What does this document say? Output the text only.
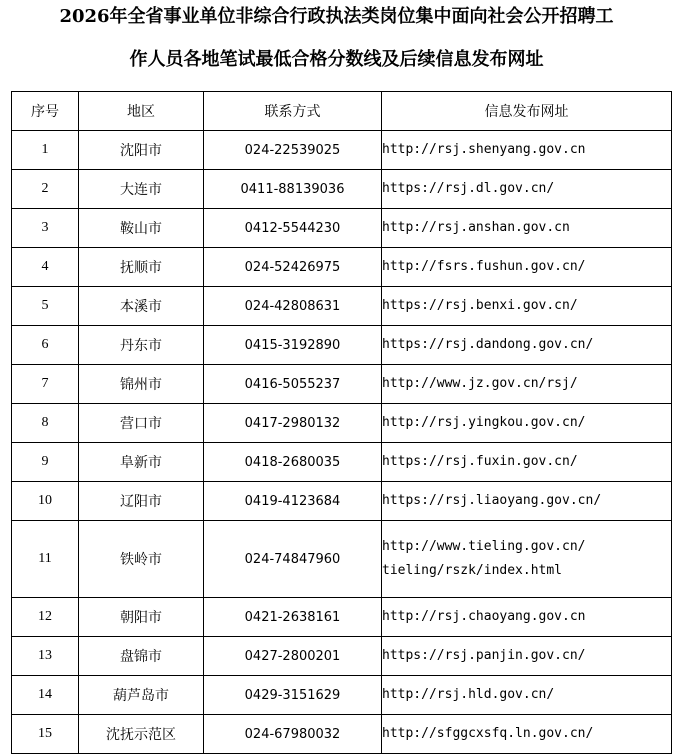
2026年全省事业单位非综合行政执法类岗位集中面向社会公开招聘工
作人员各地笔试最低合格分数线及后续信息发布网址
序号	地区	联系方式	信息发布网址
1	沈阳市	024-22539025	http://rsj.shenyang.gov.cn

2	大连市	0411-88139036	https://rsj.dl.gov.cn/

3	鞍山市	0412-5544230	http://rsj.anshan.gov.cn

4	抚顺市	024-52426975	http://fsrs.fushun.gov.cn/

5	本溪市	024-42808631	https://rsj.benxi.gov.cn/

6	丹东市	0415-3192890	https://rsj.dandong.gov.cn/

7	锦州市	0416-5055237	http://www.jz.gov.cn/rsj/

8	营口市	0417-2980132	http://rsj.yingkou.gov.cn/

9	阜新市	0418-2680035	https://rsj.fuxin.gov.cn/

10	辽阳市	0419-4123684	https://rsj.liaoyang.gov.cn/

11	铁岭市	024-74847960	http://www.tieling.gov.cn/
tieling/rszk/index.html

12	朝阳市	0421-2638161	http://rsj.chaoyang.gov.cn

13	盘锦市	0427-2800201	https://rsj.panjin.gov.cn/

14	葫芦岛市	0429-3151629	http://rsj.hld.gov.cn/

15	沈抚示范区	024-67980032	http://sfggcxsfq.ln.gov.cn/
